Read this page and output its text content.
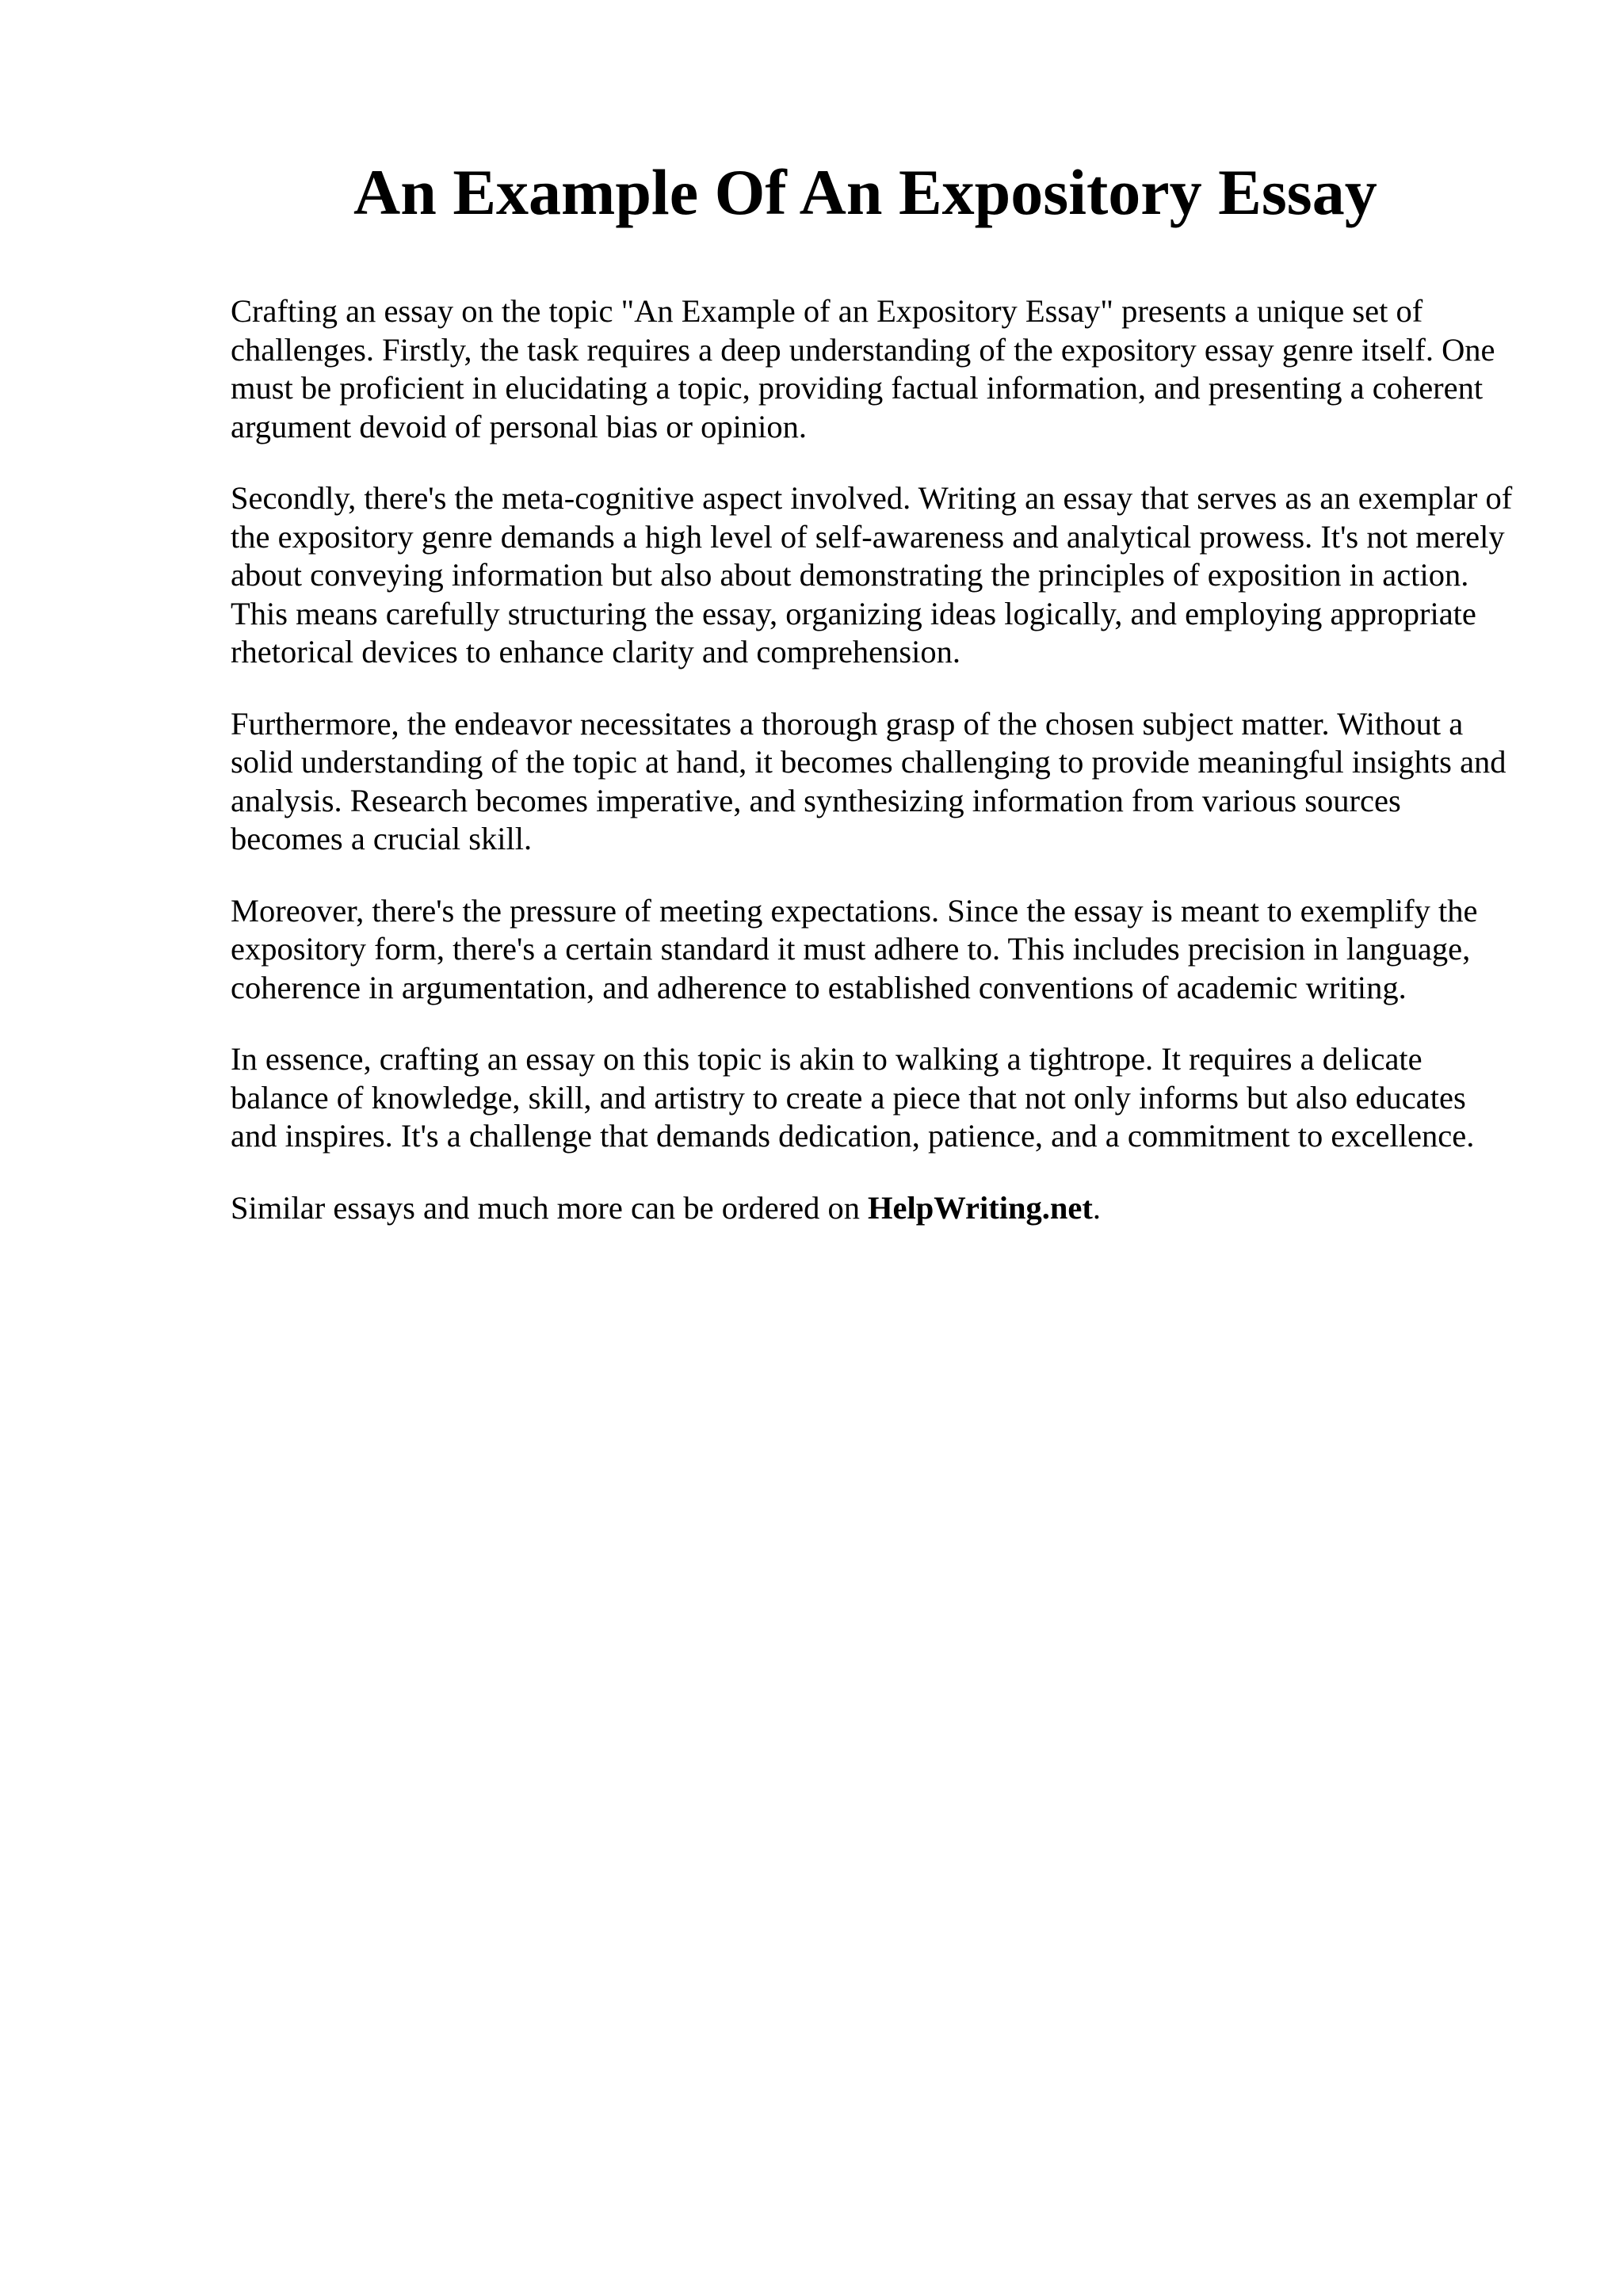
An Example Of An Expository Essay

Crafting an essay on the topic "An Example of an Expository Essay" presents a unique set of challenges. Firstly, the task requires a deep understanding of the expository essay genre itself. One must be proficient in elucidating a topic, providing factual information, and presenting a coherent argument devoid of personal bias or opinion.

Secondly, there's the meta-cognitive aspect involved. Writing an essay that serves as an exemplar of the expository genre demands a high level of self-awareness and analytical prowess. It's not merely about conveying information but also about demonstrating the principles of exposition in action. This means carefully structuring the essay, organizing ideas logically, and employing appropriate rhetorical devices to enhance clarity and comprehension.

Furthermore, the endeavor necessitates a thorough grasp of the chosen subject matter. Without a solid understanding of the topic at hand, it becomes challenging to provide meaningful insights and analysis. Research becomes imperative, and synthesizing information from various sources becomes a crucial skill.

Moreover, there's the pressure of meeting expectations. Since the essay is meant to exemplify the expository form, there's a certain standard it must adhere to. This includes precision in language, coherence in argumentation, and adherence to established conventions of academic writing.

In essence, crafting an essay on this topic is akin to walking a tightrope. It requires a delicate balance of knowledge, skill, and artistry to create a piece that not only informs but also educates and inspires. It's a challenge that demands dedication, patience, and a commitment to excellence.

Similar essays and much more can be ordered on HelpWriting.net.
